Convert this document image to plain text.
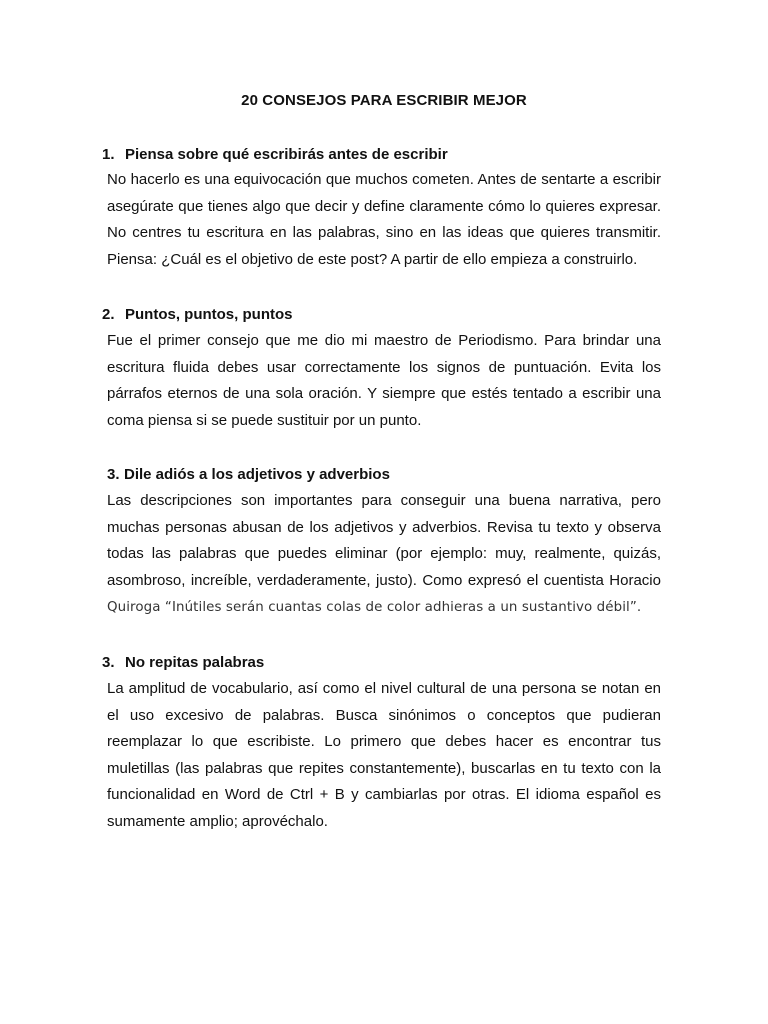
20 CONSEJOS PARA ESCRIBIR MEJOR
1. Piensa sobre qué escribirás antes de escribir
No hacerlo es una equivocación que muchos cometen. Antes de sentarte a escribir asegúrate que tienes algo que decir y define claramente cómo lo quieres expresar. No centres tu escritura en las palabras, sino en las ideas que quieres transmitir. Piensa: ¿Cuál es el objetivo de este post? A partir de ello empieza a construirlo.
2. Puntos, puntos, puntos
Fue el primer consejo que me dio mi maestro de Periodismo. Para brindar una escritura fluida debes usar correctamente los signos de puntuación. Evita los párrafos eternos de una sola oración. Y siempre que estés tentado a escribir una coma piensa si se puede sustituir por un punto.
3. Dile adiós a los adjetivos y adverbios
Las descripciones son importantes para conseguir una buena narrativa, pero muchas personas abusan de los adjetivos y adverbios. Revisa tu texto y observa todas las palabras que puedes eliminar (por ejemplo: muy, realmente, quizás, asombroso, increíble, verdaderamente, justo). Como expresó el cuentista Horacio Quiroga “Inútiles serán cuantas colas de color adhieras a un sustantivo débil”.
3. No repitas palabras
La amplitud de vocabulario, así como el nivel cultural de una persona se notan en el uso excesivo de palabras. Busca sinónimos o conceptos que pudieran reemplazar lo que escribiste. Lo primero que debes hacer es encontrar tus muletillas (las palabras que repites constantemente), buscarlas en tu texto con la funcionalidad en Word de Ctrl + B y cambiarlas por otras. El idioma español es sumamente amplio; aprovéchalo.
